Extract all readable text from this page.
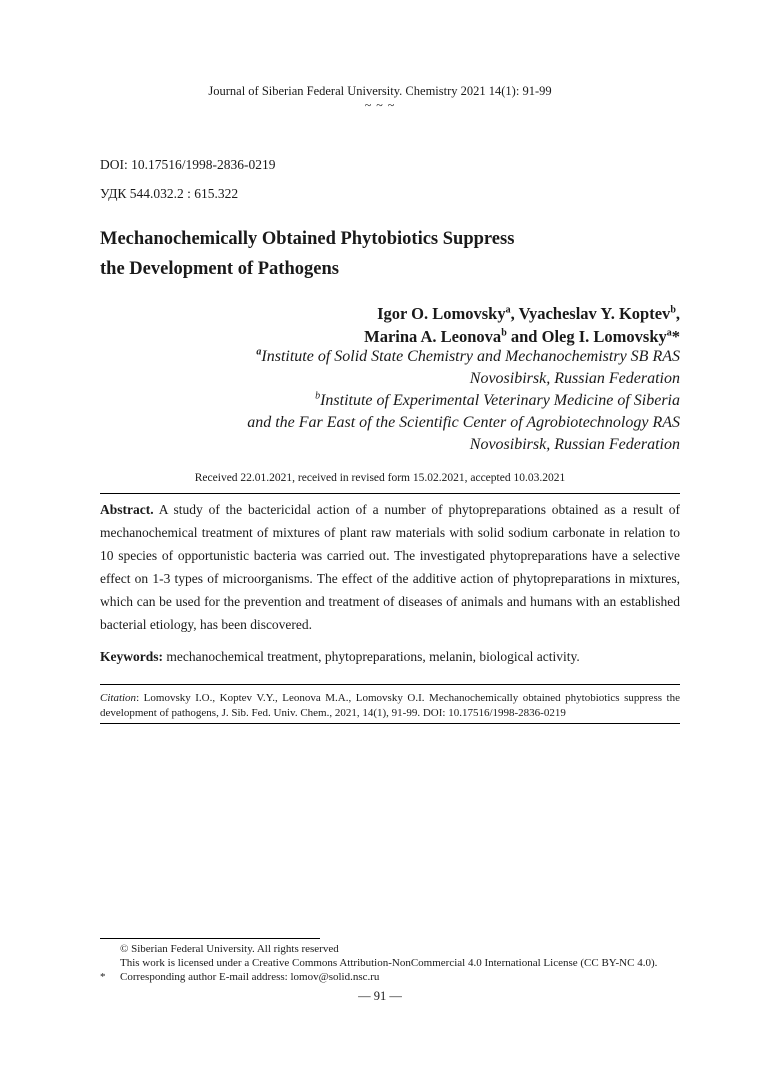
Journal of Siberian Federal University. Chemistry 2021 14(1): 91-99
~ ~ ~
DOI: 10.17516/1998-2836-0219
УДК 544.032.2 : 615.322
Mechanochemically Obtained Phytobiotics Suppress
the Development of Pathogens
Igor O. Lomovsky$^a$, Vyacheslav Y. Koptev$^b$,
Marina A. Leonova$^b$ and Oleg I. Lomovsky$^a$*
$^a$Institute of Solid State Chemistry and Mechanochemistry SB RAS
Novosibirsk, Russian Federation
$^b$Institute of Experimental Veterinary Medicine of Siberia
and the Far East of the Scientific Center of Agrobiotechnology RAS
Novosibirsk, Russian Federation
Received 22.01.2021, received in revised form 15.02.2021, accepted 10.03.2021
Abstract. A study of the bactericidal action of a number of phytopreparations obtained as a result of mechanochemical treatment of mixtures of plant raw materials with solid sodium carbonate in relation to 10 species of opportunistic bacteria was carried out. The investigated phytopreparations have a selective effect on 1-3 types of microorganisms. The effect of the additive action of phytopreparations in mixtures, which can be used for the prevention and treatment of diseases of animals and humans with an established bacterial etiology, has been discovered.
Keywords: mechanochemical treatment, phytopreparations, melanin, biological activity.
Citation: Lomovsky I.O., Koptev V.Y., Leonova M.A., Lomovsky O.I. Mechanochemically obtained phytobiotics suppress the development of pathogens, J. Sib. Fed. Univ. Chem., 2021, 14(1), 91-99. DOI: 10.17516/1998-2836-0219
© Siberian Federal University. All rights reserved
This work is licensed under a Creative Commons Attribution-NonCommercial 4.0 International License (CC BY-NC 4.0).
* Corresponding author E-mail address: lomov@solid.nsc.ru
— 91 —
